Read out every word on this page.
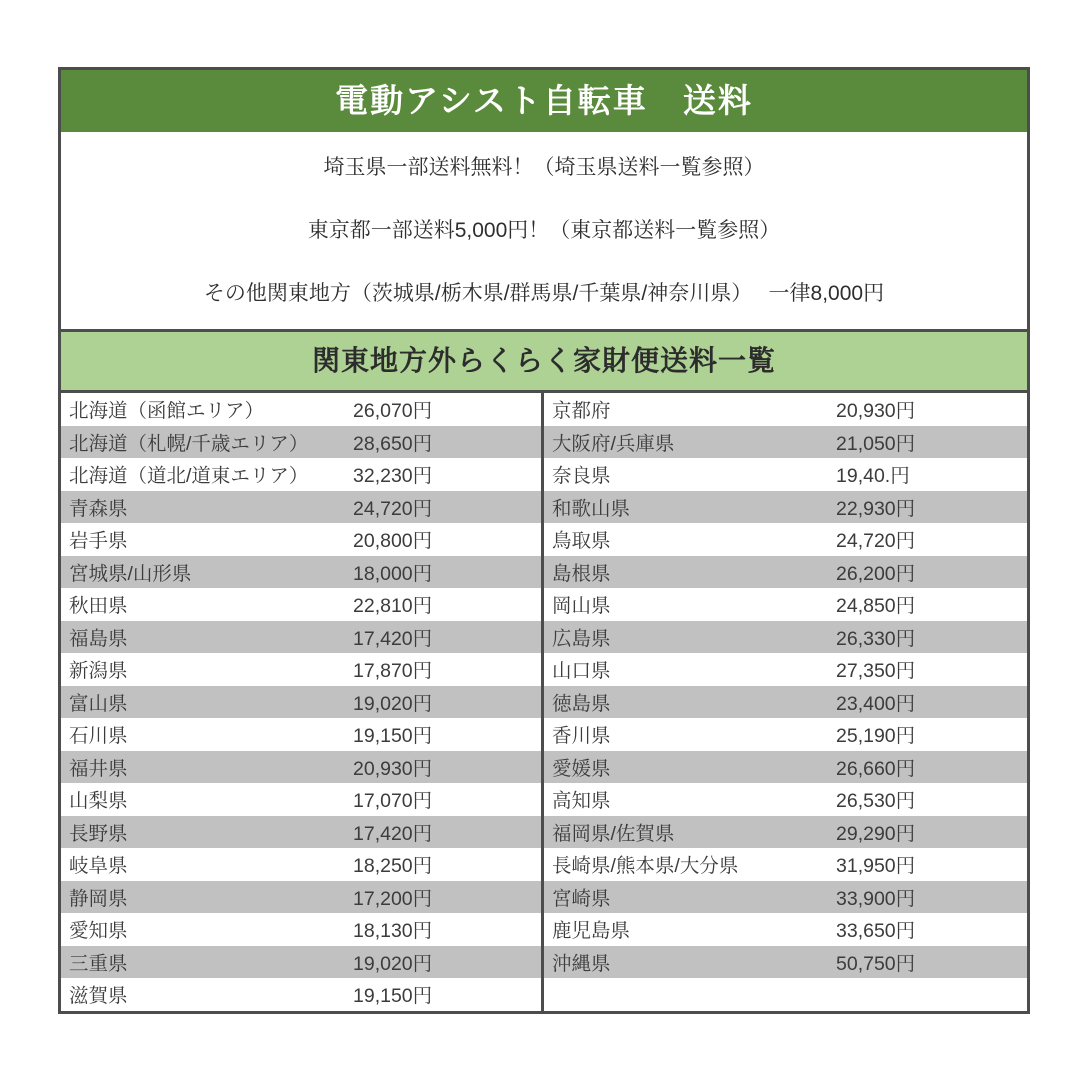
電動アシスト自転車　送料
埼玉県一部送料無料！（埼玉県送料一覧参照）
東京都一部送料5,000円！（東京都送料一覧参照）
その他関東地方（茨城県/栃木県/群馬県/千葉県/神奈川県）　 一律8,000円
関東地方外らくらく家財便送料一覧
北海道（函館エリア）	26,070円
北海道（札幌/千歳エリア）	28,650円
北海道（道北/道東エリア）	32,230円
青森県	24,720円
岩手県	20,800円
宮城県/山形県	18,000円
秋田県	22,810円
福島県	17,420円
新潟県	17,870円
富山県	19,020円
石川県	19,150円
福井県	20,930円
山梨県	17,070円
長野県	17,420円
岐阜県	18,250円
静岡県	17,200円
愛知県	18,130円
三重県	19,020円
滋賀県	19,150円
京都府	20,930円
大阪府/兵庫県	21,050円
奈良県	19,40.円
和歌山県	22,930円
鳥取県	24,720円
島根県	26,200円
岡山県	24,850円
広島県	26,330円
山口県	27,350円
徳島県	23,400円
香川県	25,190円
愛媛県	26,660円
高知県	26,530円
福岡県/佐賀県	29,290円
長崎県/熊本県/大分県	31,950円
宮崎県	33,900円
鹿児島県	33,650円
沖縄県	50,750円
